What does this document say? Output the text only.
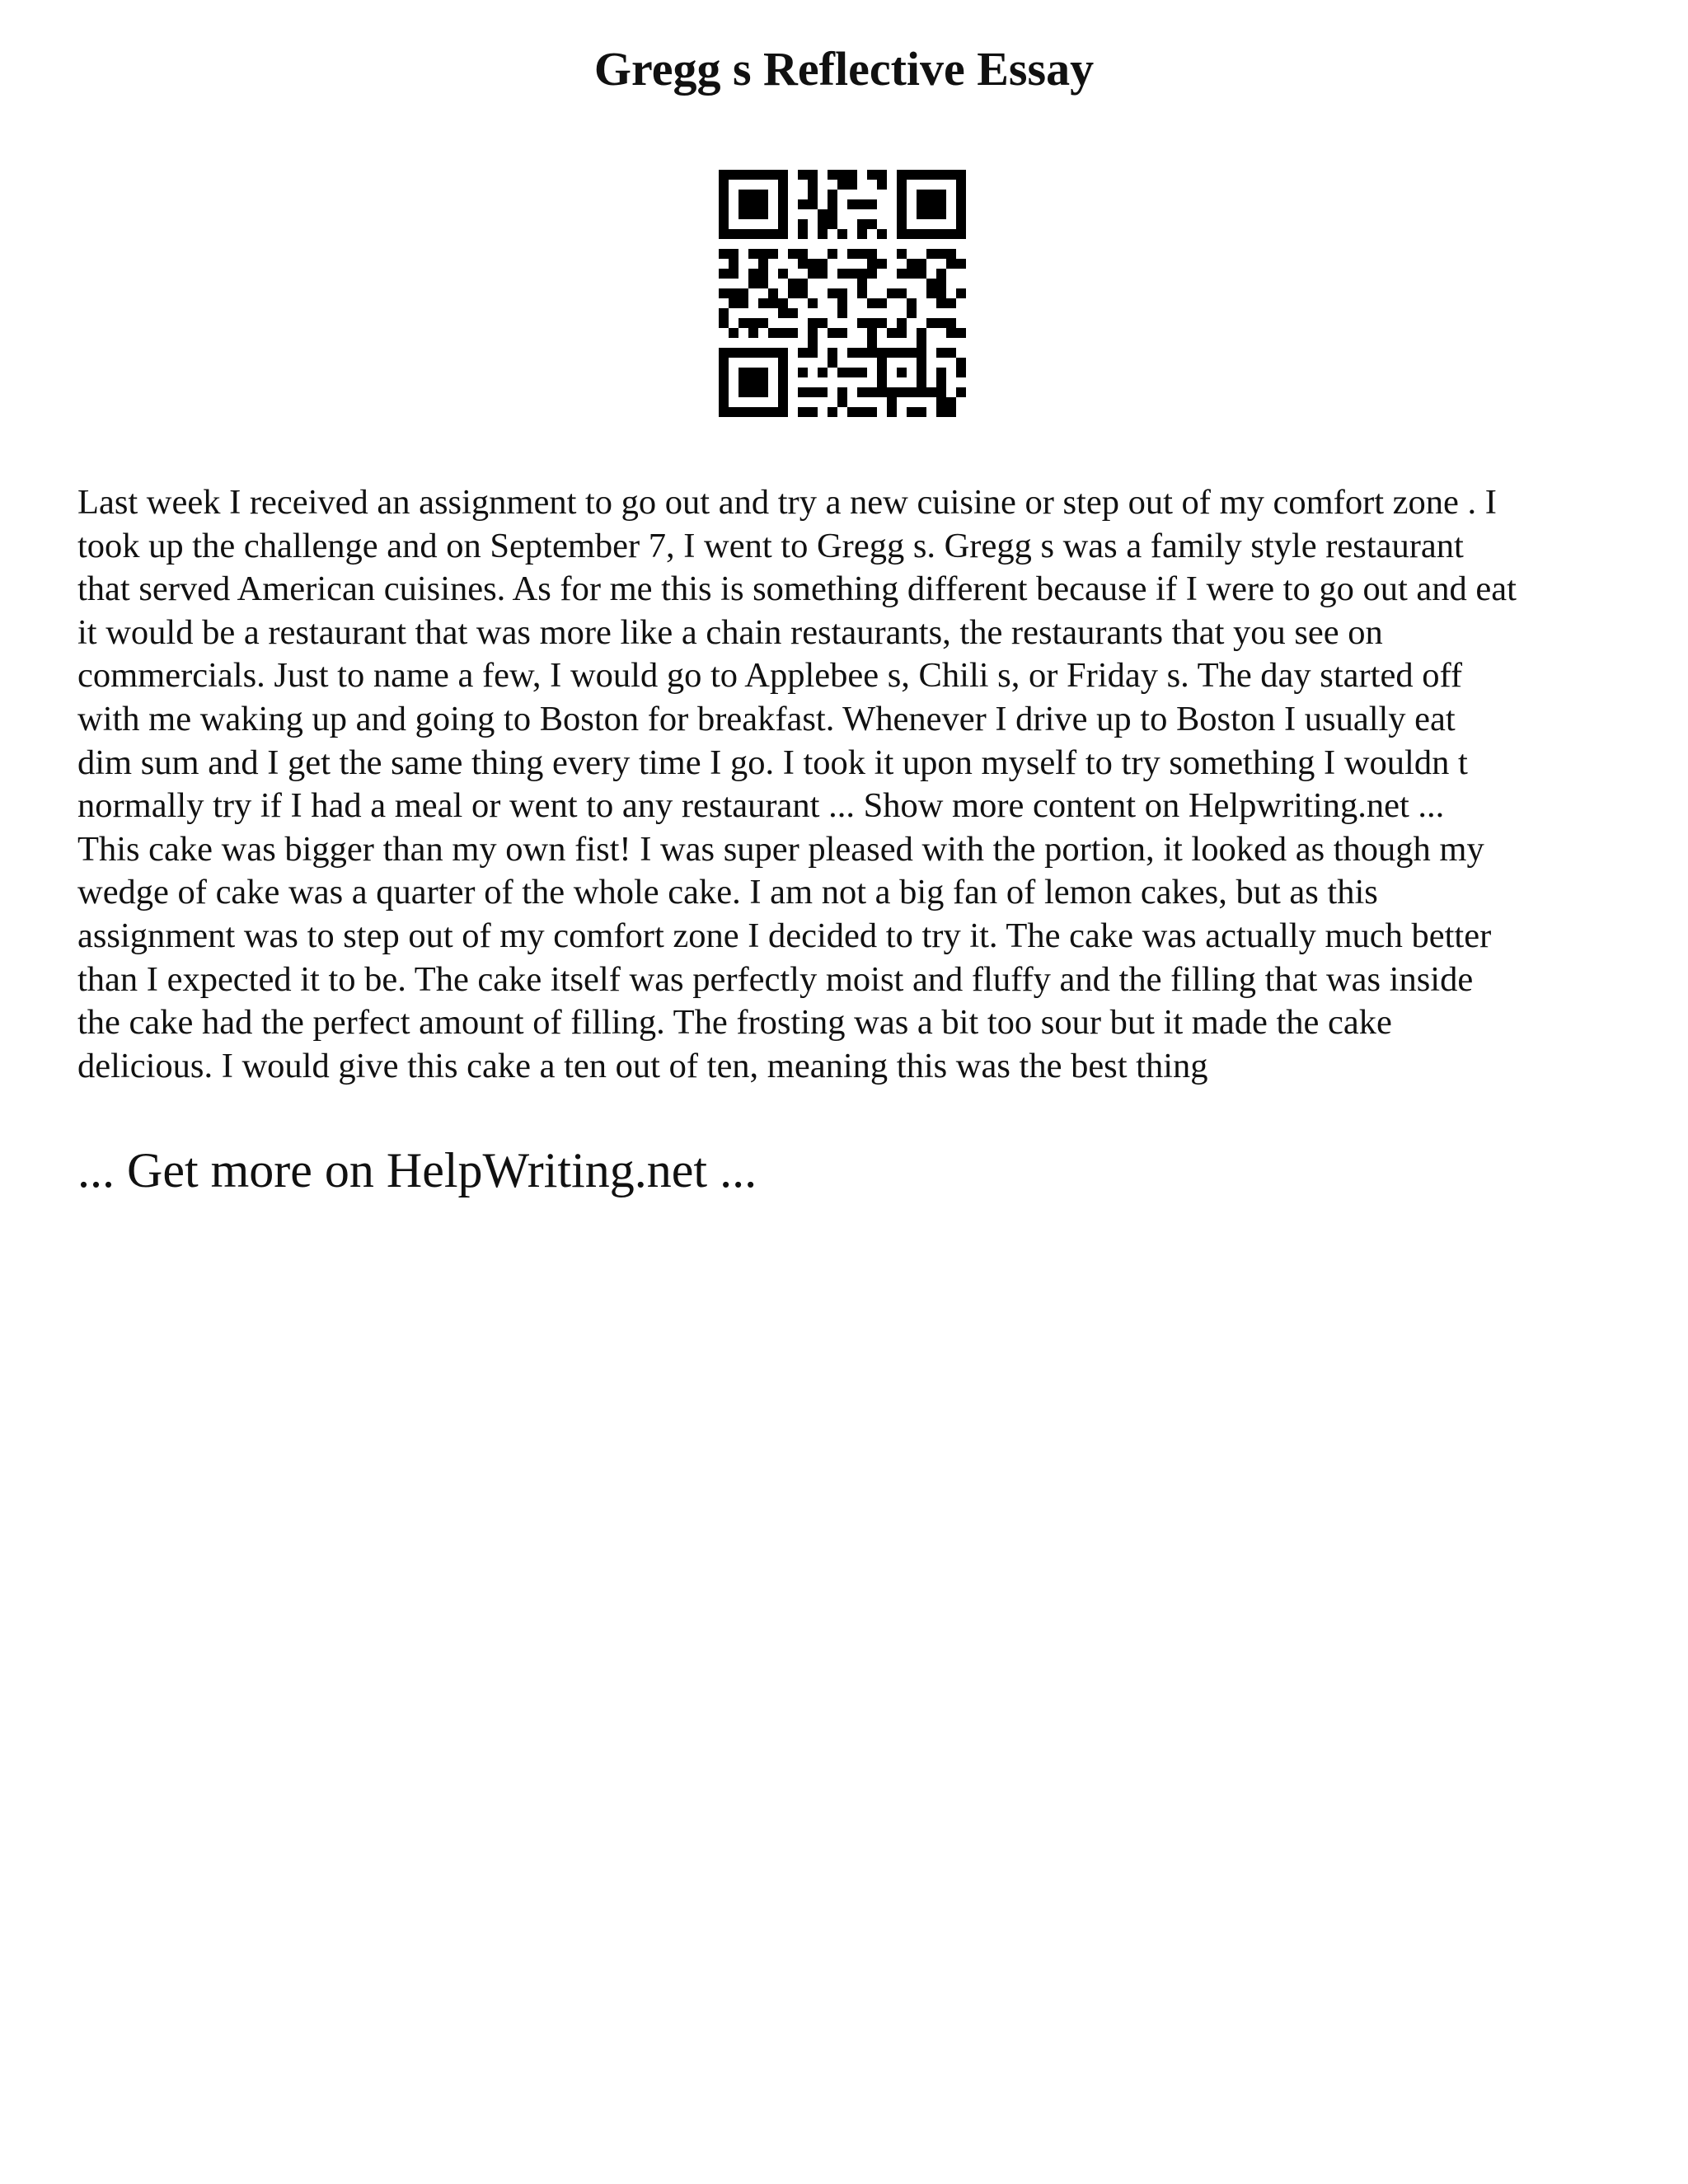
Gregg s Reflective Essay

Last week I received an assignment to go out and try a new cuisine or step out of my comfort zone . I
took up the challenge and on September 7, I went to Gregg s. Gregg s was a family style restaurant
that served American cuisines. As for me this is something different because if I were to go out and eat
it would be a restaurant that was more like a chain restaurants, the restaurants that you see on
commercials. Just to name a few, I would go to Applebee s, Chili s, or Friday s. The day started off
with me waking up and going to Boston for breakfast. Whenever I drive up to Boston I usually eat
dim sum and I get the same thing every time I go. I took it upon myself to try something I wouldn t
normally try if I had a meal or went to any restaurant ... Show more content on Helpwriting.net ...
This cake was bigger than my own fist! I was super pleased with the portion, it looked as though my
wedge of cake was a quarter of the whole cake. I am not a big fan of lemon cakes, but as this
assignment was to step out of my comfort zone I decided to try it. The cake was actually much better
than I expected it to be. The cake itself was perfectly moist and fluffy and the filling that was inside
the cake had the perfect amount of filling. The frosting was a bit too sour but it made the cake
delicious. I would give this cake a ten out of ten, meaning this was the best thing

... Get more on HelpWriting.net ...
